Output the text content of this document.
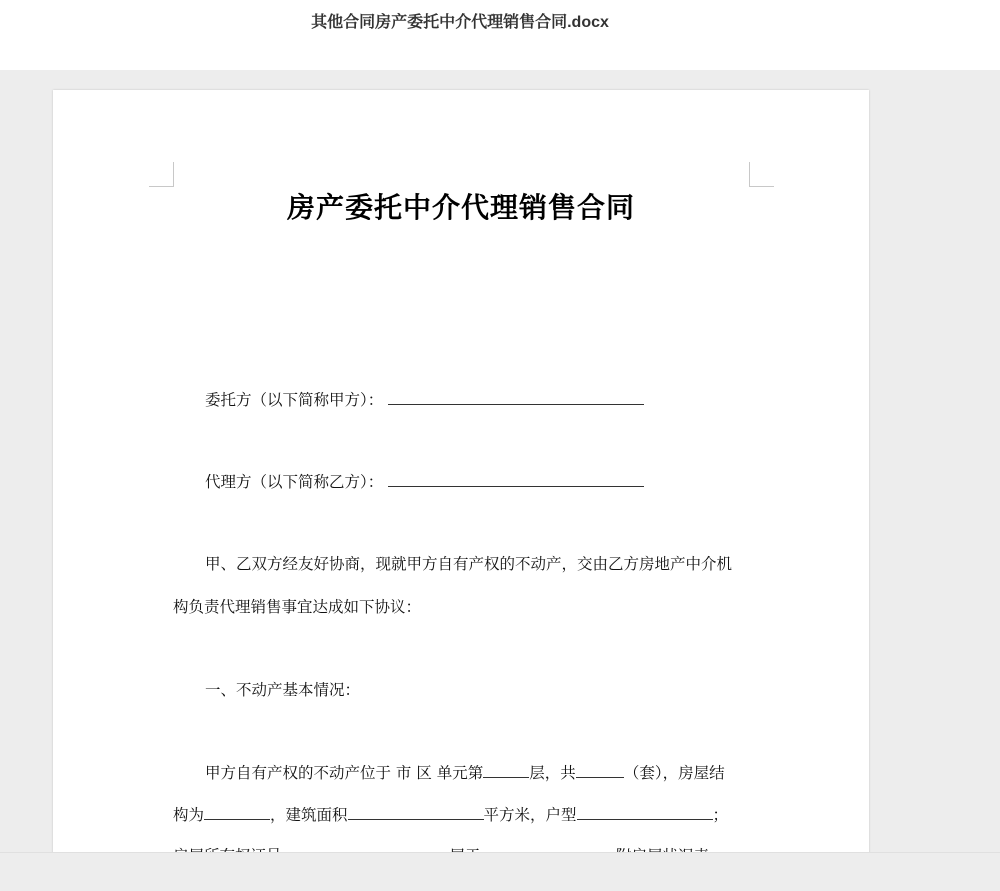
其他合同房产委托中介代理销售合同.docx
房产委托中介代理销售合同
委托方（以下简称甲方）：
代理方（以下简称乙方）：
甲、乙双方经友好协商，现就甲方自有产权的不动产，交由乙方房地产中介机
构负责代理销售事宜达成如下协议：
一、不动产基本情况：
甲方自有产权的不动产位于 市 区 单元第	层，共	（套），房屋结
构为	，建筑面积	平方米，户型	；
